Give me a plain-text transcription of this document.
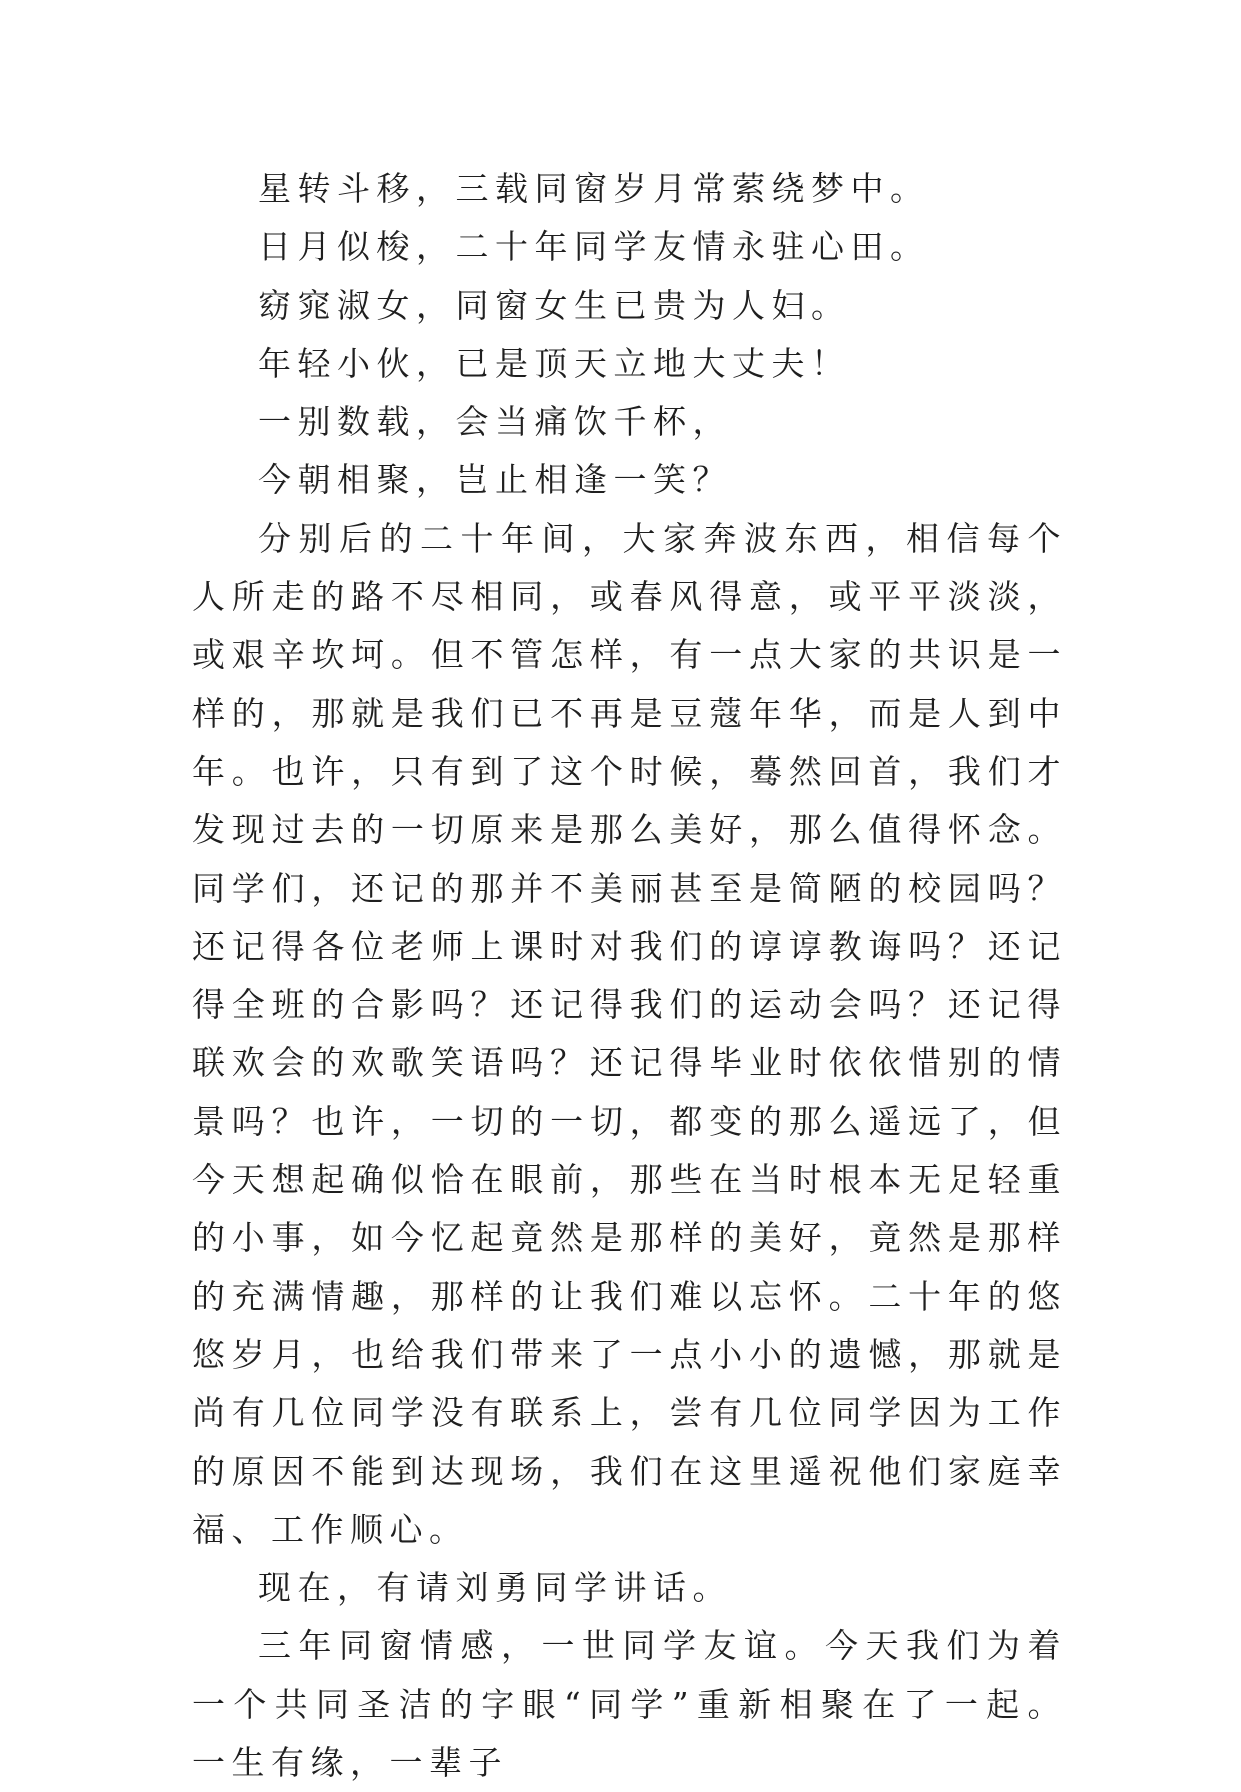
星转斗移，三载同窗岁月常萦绕梦中。

日月似梭，二十年同学友情永驻心田。

窈窕淑女，同窗女生已贵为人妇。

年轻小伙，已是顶天立地大丈夫！

一别数载，会当痛饮千杯，

今朝相聚，岂止相逢一笑？

分别后的二十年间，大家奔波东西，相信每个人所走的路不尽相同，或春风得意，或平平淡淡，或艰辛坎坷。但不管怎样，有一点大家的共识是一样的，那就是我们已不再是豆蔻年华，而是人到中年。也许，只有到了这个时候，蓦然回首，我们才发现过去的一切原来是那么美好，那么值得怀念。同学们，还记的那并不美丽甚至是简陋的校园吗？还记得各位老师上课时对我们的谆谆教诲吗？还记得全班的合影吗？还记得我们的运动会吗？还记得联欢会的欢歌笑语吗？还记得毕业时依依惜别的情景吗？也许，一切的一切，都变的那么遥远了，但今天想起确似恰在眼前，那些在当时根本无足轻重的小事，如今忆起竟然是那样的美好，竟然是那样的充满情趣，那样的让我们难以忘怀。二十年的悠悠岁月，也给我们带来了一点小小的遗憾，那就是尚有几位同学没有联系上，尝有几位同学因为工作的原因不能到达现场，我们在这里遥祝他们家庭幸福、工作顺心。

现在，有请刘勇同学讲话。

三年同窗情感，一世同学友谊。今天我们为着一个共同圣洁的字眼“同学”重新相聚在了一起。一生有缘，一辈子
